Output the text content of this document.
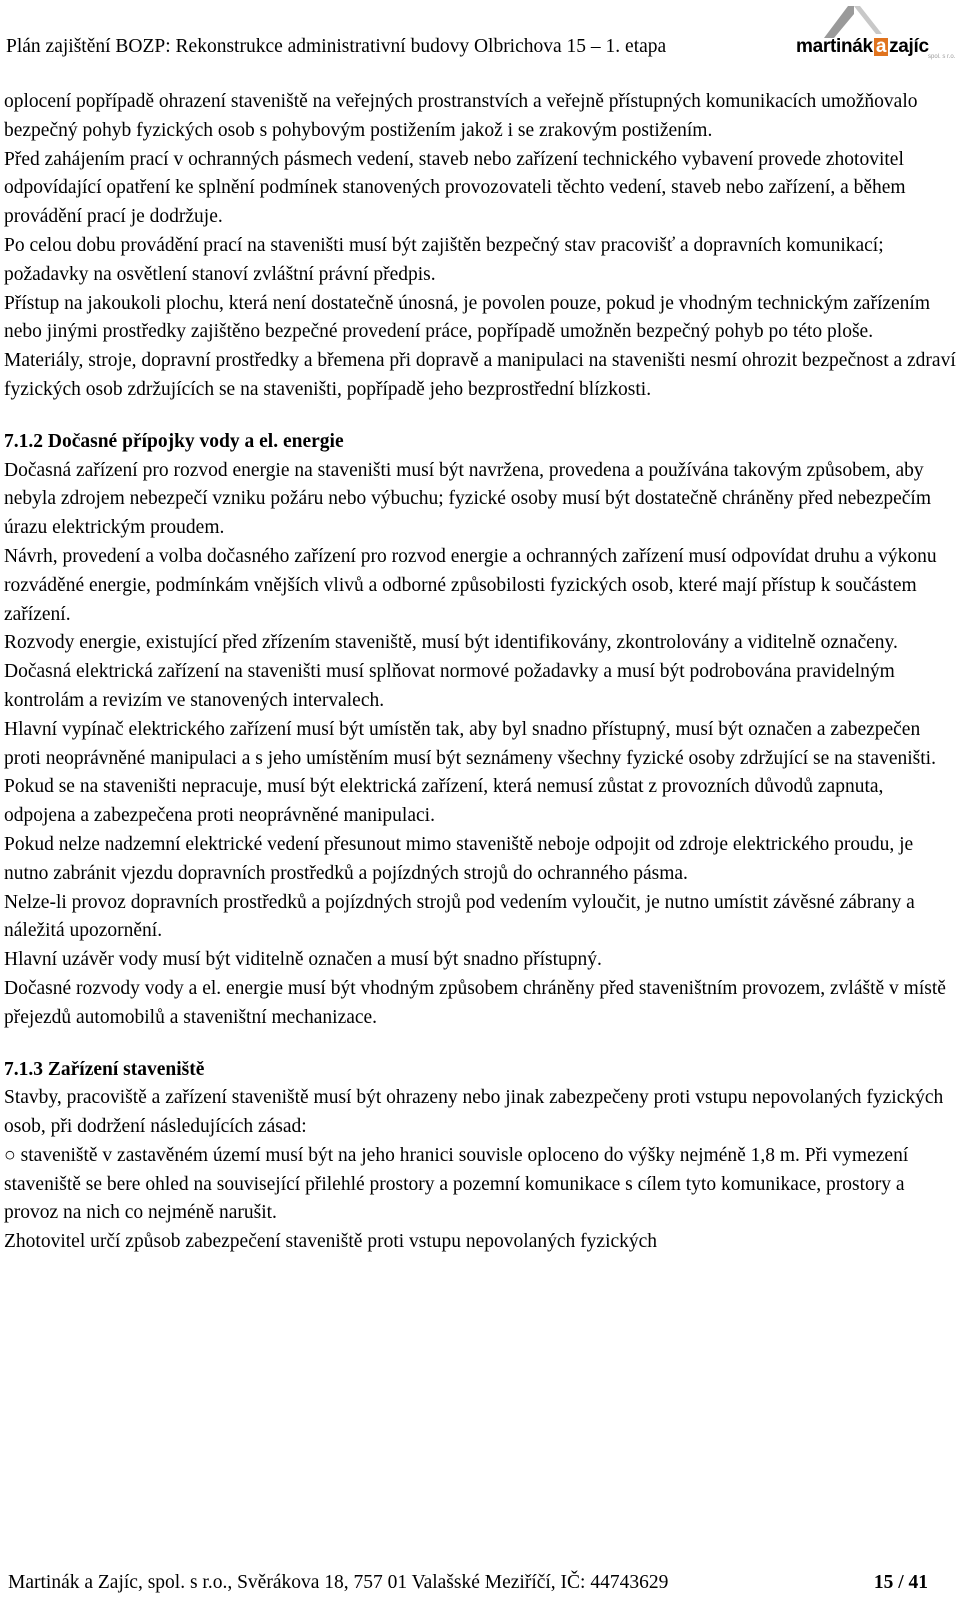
Plán zajištění BOZP: Rekonstrukce administrativní budovy Olbrichova 15 – 1. etapa	martinák a zajíc spol. s r.o.

oplocení popřípadě ohrazení staveniště na veřejných prostranstvích a veřejně přístupných komunikacích umožňovalo bezpečný pohyb fyzických osob s pohybovým postižením jakož i se zrakovým postižením.

Před zahájením prací v ochranných pásmech vedení, staveb nebo zařízení technického vybavení provede zhotovitel odpovídající opatření ke splnění podmínek stanovených provozovateli těchto vedení, staveb nebo zařízení, a během provádění prací je dodržuje.

Po celou dobu provádění prací na staveništi musí být zajištěn bezpečný stav pracovišť a dopravních komunikací; požadavky na osvětlení stanoví zvláštní právní předpis.

Přístup na jakoukoli plochu, která není dostatečně únosná, je povolen pouze, pokud je vhodným technickým zařízením nebo jinými prostředky zajištěno bezpečné provedení práce, popřípadě umožněn bezpečný pohyb po této ploše.

Materiály, stroje, dopravní prostředky a břemena při dopravě a manipulaci na staveništi nesmí ohrozit bezpečnost a zdraví fyzických osob zdržujících se na staveništi, popřípadě jeho bezprostřední blízkosti.

7.1.2 Dočasné přípojky vody a el. energie

Dočasná zařízení pro rozvod energie na staveništi musí být navržena, provedena a používána takovým způsobem, aby nebyla zdrojem nebezpečí vzniku požáru nebo výbuchu; fyzické osoby musí být dostatečně chráněny před nebezpečím úrazu elektrickým proudem.

Návrh, provedení a volba dočasného zařízení pro rozvod energie a ochranných zařízení musí odpovídat druhu a výkonu rozváděné energie, podmínkám vnějších vlivů a odborné způsobilosti fyzických osob, které mají přístup k součástem zařízení.

Rozvody energie, existující před zřízením staveniště, musí být identifikovány, zkontrolovány a viditelně označeny.

Dočasná elektrická zařízení na staveništi musí splňovat normové požadavky a musí být podrobována pravidelným kontrolám a revizím ve stanovených intervalech.

Hlavní vypínač elektrického zařízení musí být umístěn tak, aby byl snadno přístupný, musí být označen a zabezpečen proti neoprávněné manipulaci a s jeho umístěním musí být seznámeny všechny fyzické osoby zdržující se na staveništi.

Pokud se na staveništi nepracuje, musí být elektrická zařízení, která nemusí zůstat z provozních důvodů zapnuta, odpojena a zabezpečena proti neoprávněné manipulaci.

Pokud nelze nadzemní elektrické vedení přesunout mimo staveniště neboje odpojit od zdroje elektrického proudu, je nutno zabránit vjezdu dopravních prostředků a pojízdných strojů do ochranného pásma.

Nelze-li provoz dopravních prostředků a pojízdných strojů pod vedením vyloučit, je nutno umístit závěsné zábrany a náležitá upozornění.

Hlavní uzávěr vody musí být viditelně označen a musí být snadno přístupný.

Dočasné rozvody vody a el. energie musí být vhodným způsobem chráněny před staveništním provozem, zvláště v místě přejezdů automobilů a staveništní mechanizace.

7.1.3 Zařízení staveniště

Stavby, pracoviště a zařízení staveniště musí být ohrazeny nebo jinak zabezpečeny proti vstupu nepovolaných fyzických osob, při dodržení následujících zásad:

○ staveniště v zastavěném území musí být na jeho hranici souvisle oploceno do výšky nejméně 1,8 m. Při vymezení staveniště se bere ohled na související přilehlé prostory a pozemní komunikace s cílem tyto komunikace, prostory a provoz na nich co nejméně narušit.

Zhotovitel určí způsob zabezpečení staveniště proti vstupu nepovolaných fyzických

Martinák a Zajíc, spol. s r.o., Svěrákova 18, 757 01 Valašské Meziříčí, IČ: 44743629	15 / 41
